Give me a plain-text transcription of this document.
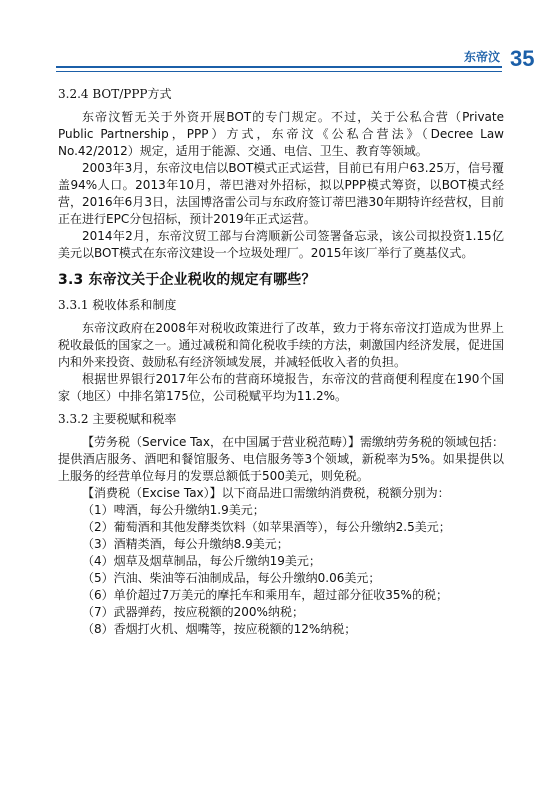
东帝汶 35
3.2.4 BOT/PPP方式

东帝汶暂无关于外资开展BOT的专门规定。不过，关于公私合营（Private Public Partnership，PPP）方式，东帝汶《公私合营法》（Decree Law No.42/2012）规定，适用于能源、交通、电信、卫生、教育等领域。

2003年3月，东帝汶电信以BOT模式正式运营，目前已有用户63.25万，信号覆盖94%人口。2013年10月，蒂巴港对外招标，拟以PPP模式筹资，以BOT模式经营，2016年6月3日，法国博洛雷公司与东政府签订蒂巴港30年期特许经营权，目前正在进行EPC分包招标，预计2019年正式运营。

2014年2月，东帝汶贸工部与台湾顺新公司签署备忘录，该公司拟投资1.15亿美元以BOT模式在东帝汶建设一个垃圾处理厂。2015年该厂举行了奠基仪式。

3.3 东帝汶关于企业税收的规定有哪些？
3.3.1 税收体系和制度

东帝汶政府在2008年对税收政策进行了改革，致力于将东帝汶打造成为世界上税收最低的国家之一。通过减税和简化税收手续的方法，刺激国内经济发展，促进国内和外来投资、鼓励私有经济领域发展，并减轻低收入者的负担。

根据世界银行2017年公布的营商环境报告，东帝汶的营商便利程度在190个国家（地区）中排名第175位，公司税赋平均为11.2%。

3.3.2 主要税赋和税率

【劳务税（Service Tax，在中国属于营业税范畴）】需缴纳劳务税的领域包括：提供酒店服务、酒吧和餐馆服务、电信服务等3个领域，新税率为5%。如果提供以上服务的经营单位每月的发票总额低于500美元，则免税。

【消费税（Excise Tax）】以下商品进口需缴纳消费税，税额分别为：

（1）啤酒，每公升缴纳1.9美元；

（2）葡萄酒和其他发酵类饮料（如苹果酒等），每公升缴纳2.5美元；

（3）酒精类酒，每公升缴纳8.9美元；

（4）烟草及烟草制品，每公斤缴纳19美元；

（5）汽油、柴油等石油制成品，每公升缴纳0.06美元；

（6）单价超过7万美元的摩托车和乘用车，超过部分征收35%的税；

（7）武器弹药，按应税额的200%纳税；

（8）香烟打火机、烟嘴等，按应税额的12%纳税；
